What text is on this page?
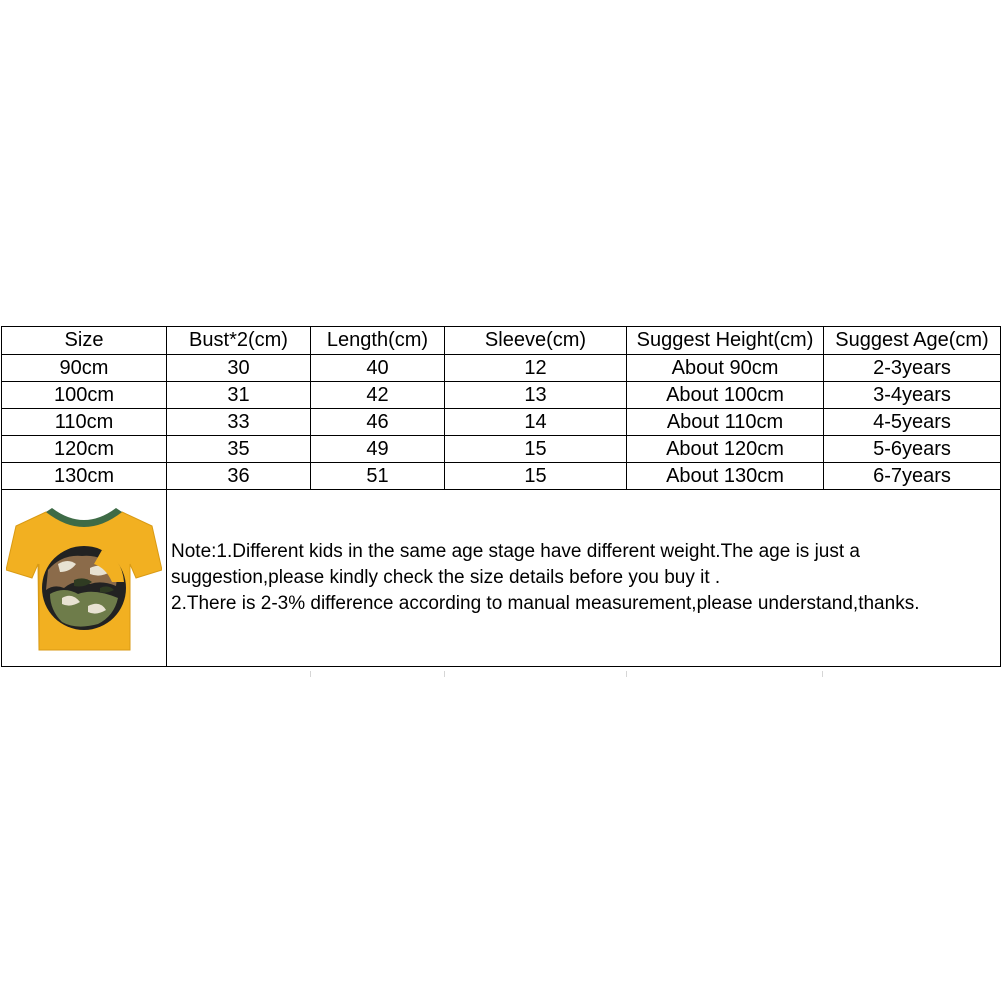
Size	Bust*2(cm)	Length(cm)	Sleeve(cm)	Suggest Height(cm)	Suggest Age(cm)
90cm	30	40	12	About 90cm	2-3years
100cm	31	42	13	About 100cm	3-4years
110cm	33	46	14	About 110cm	4-5years
120cm	35	49	15	About 120cm	5-6years
130cm	36	51	15	About 130cm	6-7years

Note:1.Different kids in the same age stage have different weight.The age is just a
suggestion,please kindly check the size details before you buy it .
2.There is 2-3% difference according to manual measurement,please understand,thanks.				
